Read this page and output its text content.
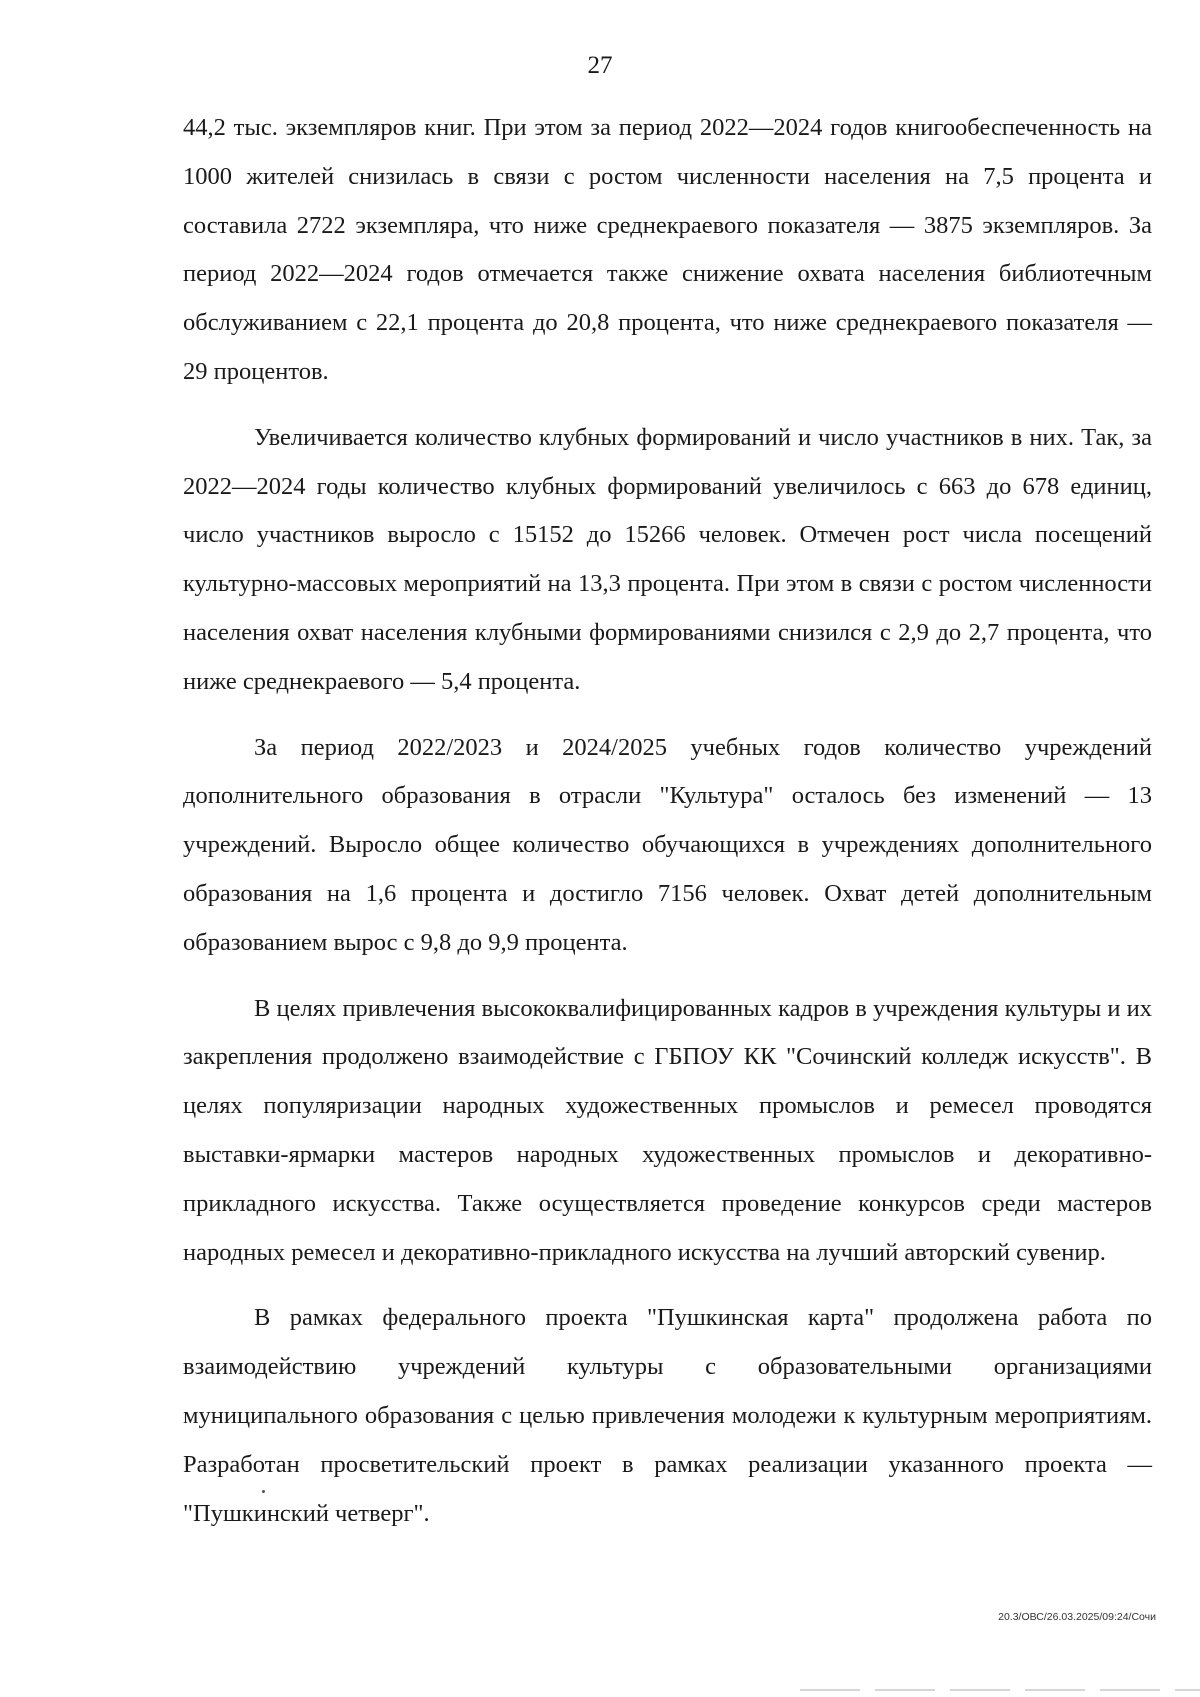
27

44,2 тыс. экземпляров книг. При этом за период 2022—2024 годов книгообеспеченность на 1000 жителей снизилась в связи с ростом численности населения на 7,5 процента и составила 2722 экземпляра, что ниже среднекраевого показателя — 3875 экземпляров. За период 2022—2024 годов отмечается также снижение охвата населения библиотечным обслуживанием с 22,1 процента до 20,8 процента, что ниже среднекраевого показателя — 29 процентов.

Увеличивается количество клубных формирований и число участников в них. Так, за 2022—2024 годы количество клубных формирований увеличилось с 663 до 678 единиц, число участников выросло с 15152 до 15266 человек. Отмечен рост числа посещений культурно-массовых мероприятий на 13,3 процента. При этом в связи с ростом численности населения охват населения клубными формированиями снизился с 2,9 до 2,7 процента, что ниже среднекраевого — 5,4 процента.

За период 2022/2023 и 2024/2025 учебных годов количество учреждений дополнительного образования в отрасли "Культура" осталось без изменений — 13 учреждений. Выросло общее количество обучающихся в учреждениях дополнительного образования на 1,6 процента и достигло 7156 человек. Охват детей дополнительным образованием вырос с 9,8 до 9,9 процента.

В целях привлечения высококвалифицированных кадров в учреждения культуры и их закрепления продолжено взаимодействие с ГБПОУ КК "Сочинский колледж искусств". В целях популяризации народных художественных промыслов и ремесел проводятся выставки-ярмарки мастеров народных художественных промыслов и декоративно-прикладного искусства. Также осуществляется проведение конкурсов среди мастеров народных ремесел и декоративно-прикладного искусства на лучший авторский сувенир.

В рамках федерального проекта "Пушкинская карта" продолжена работа по взаимодействию учреждений культуры с образовательными организациями муниципального образования с целью привлечения молодежи к культурным мероприятиям. Разработан просветительский проект в рамках реализации указанного проекта — "Пушкинский четверг".

20.3/ОВС/26.03.2025/09:24/Сочи
